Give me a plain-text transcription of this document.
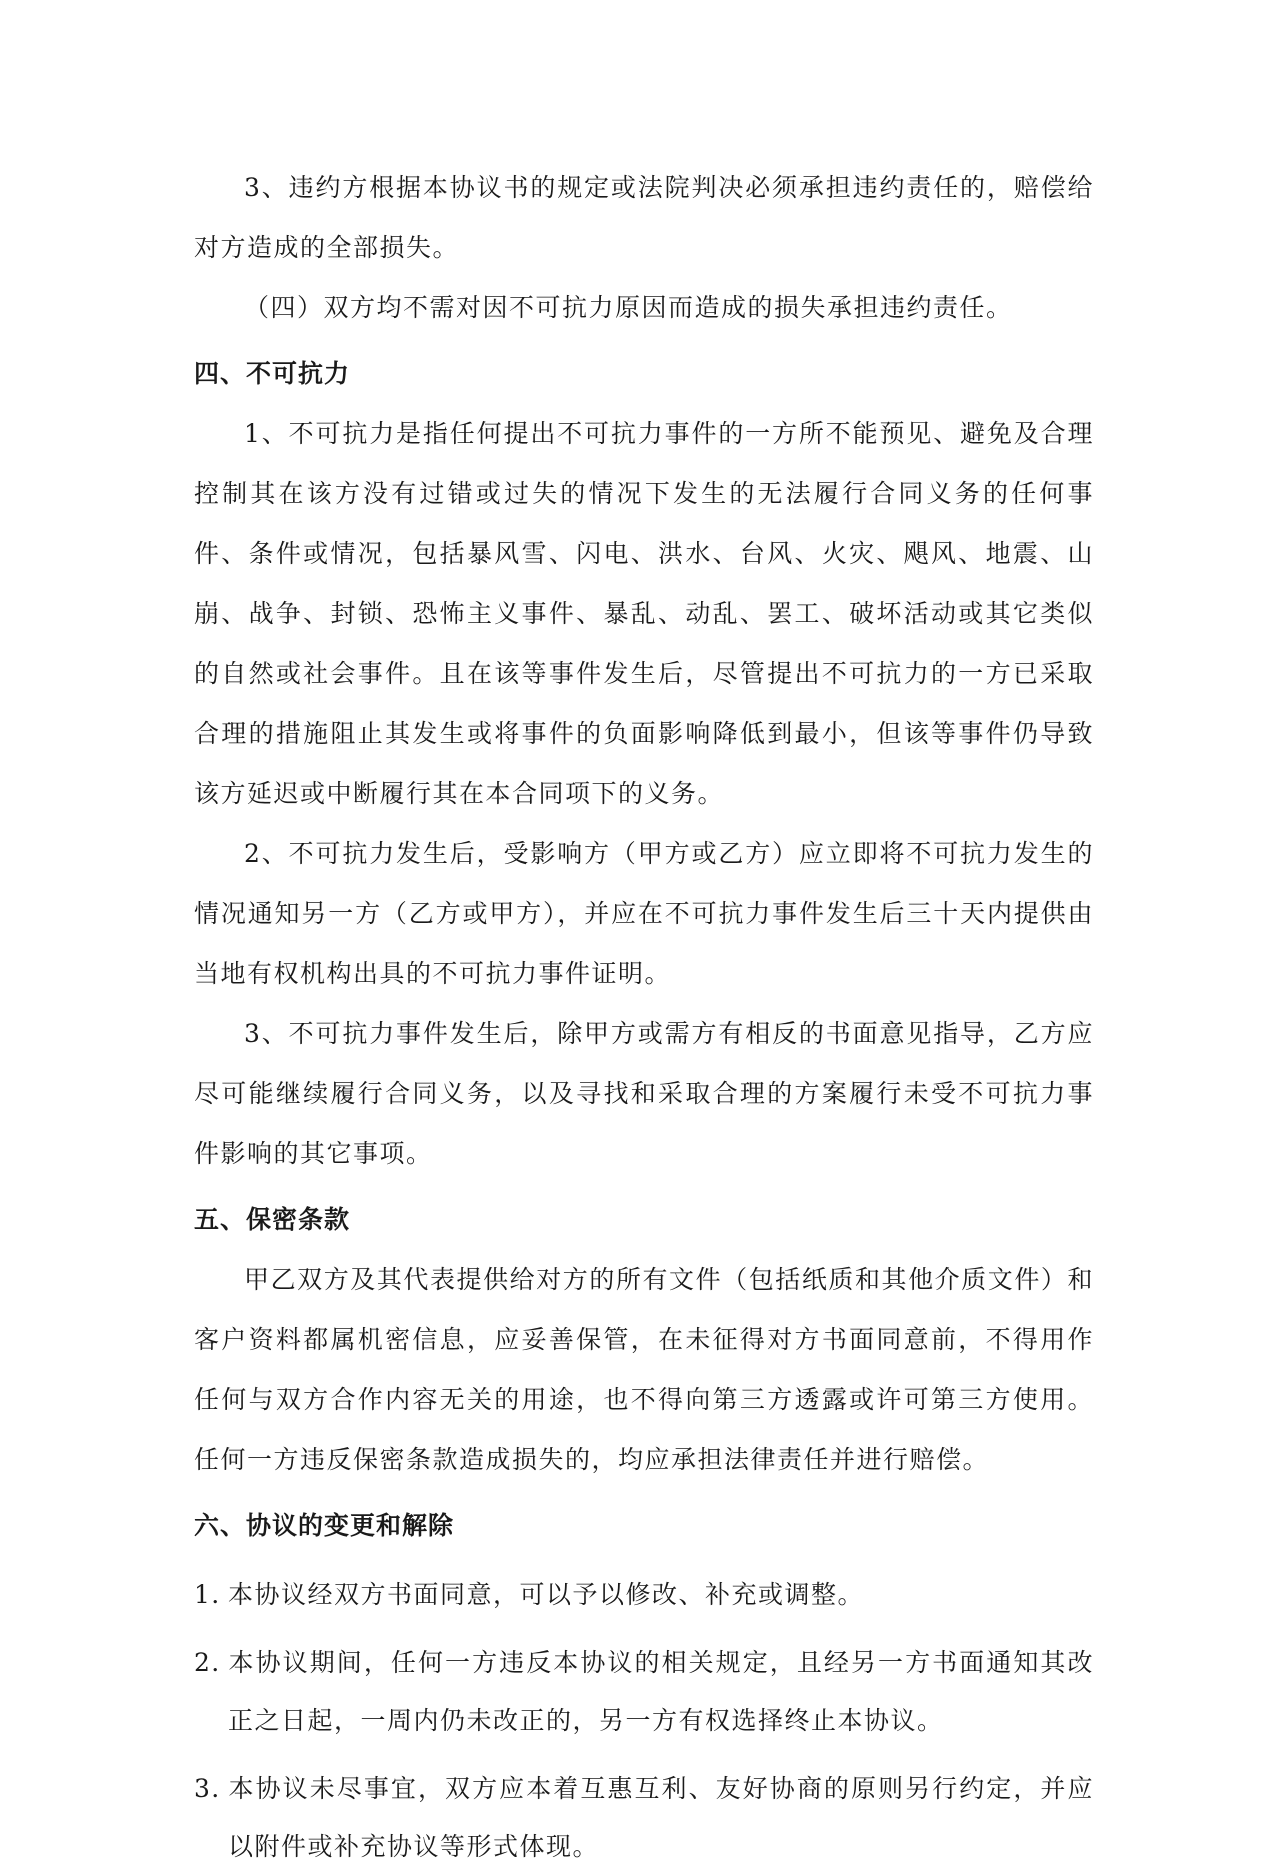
3、违约方根据本协议书的规定或法院判决必须承担违约责任的，赔偿给对方造成的全部损失。

（四）双方均不需对因不可抗力原因而造成的损失承担违约责任。

四、不可抗力

1、不可抗力是指任何提出不可抗力事件的一方所不能预见、避免及合理控制其在该方没有过错或过失的情况下发生的无法履行合同义务的任何事件、条件或情况，包括暴风雪、闪电、洪水、台风、火灾、飓风、地震、山崩、战争、封锁、恐怖主义事件、暴乱、动乱、罢工、破坏活动或其它类似的自然或社会事件。且在该等事件发生后，尽管提出不可抗力的一方已采取合理的措施阻止其发生或将事件的负面影响降低到最小，但该等事件仍导致该方延迟或中断履行其在本合同项下的义务。

2、不可抗力发生后，受影响方（甲方或乙方）应立即将不可抗力发生的情况通知另一方（乙方或甲方），并应在不可抗力事件发生后三十天内提供由当地有权机构出具的不可抗力事件证明。

3、不可抗力事件发生后，除甲方或需方有相反的书面意见指导，乙方应尽可能继续履行合同义务，以及寻找和采取合理的方案履行未受不可抗力事件影响的其它事项。

五、保密条款

甲乙双方及其代表提供给对方的所有文件（包括纸质和其他介质文件）和客户资料都属机密信息，应妥善保管，在未征得对方书面同意前，不得用作任何与双方合作内容无关的用途，也不得向第三方透露或许可第三方使用。任何一方违反保密条款造成损失的，均应承担法律责任并进行赔偿。

六、协议的变更和解除

1．本协议经双方书面同意，可以予以修改、补充或调整。

2．本协议期间，任何一方违反本协议的相关规定，且经另一方书面通知其改正之日起，一周内仍未改正的，另一方有权选择终止本协议。

3．本协议未尽事宜，双方应本着互惠互利、友好协商的原则另行约定，并应以附件或补充协议等形式体现。
